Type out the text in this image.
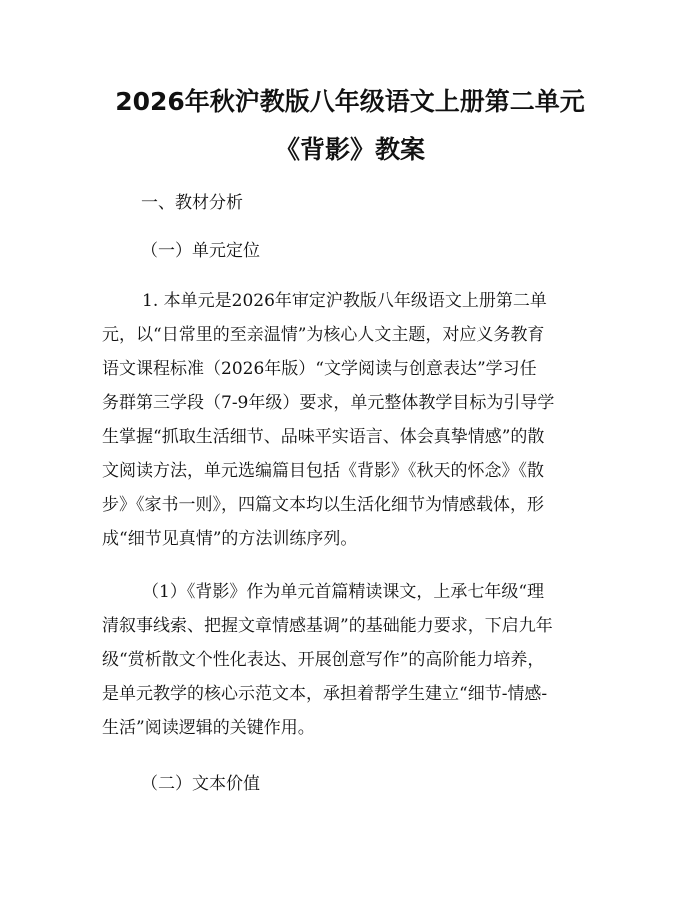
2026年秋沪教版八年级语文上册第二单元
《背影》教案
一、教材分析
（一）单元定位
1. 本单元是2026年审定沪教版八年级语文上册第二单
元，以“日常里的至亲温情”为核心人文主题，对应义务教育
语文课程标准（2026年版）“文学阅读与创意表达”学习任
务群第三学段（7-9年级）要求，单元整体教学目标为引导学
生掌握“抓取生活细节、品味平实语言、体会真挚情感”的散
文阅读方法，单元选编篇目包括《背影》《秋天的怀念》《散
步》《家书一则》，四篇文本均以生活化细节为情感载体，形
成“细节见真情”的方法训练序列。
（1）《背影》作为单元首篇精读课文，上承七年级“理
清叙事线索、把握文章情感基调”的基础能力要求，下启九年
级“赏析散文个性化表达、开展创意写作”的高阶能力培养，
是单元教学的核心示范文本，承担着帮学生建立“细节-情感-
生活”阅读逻辑的关键作用。
（二）文本价值
